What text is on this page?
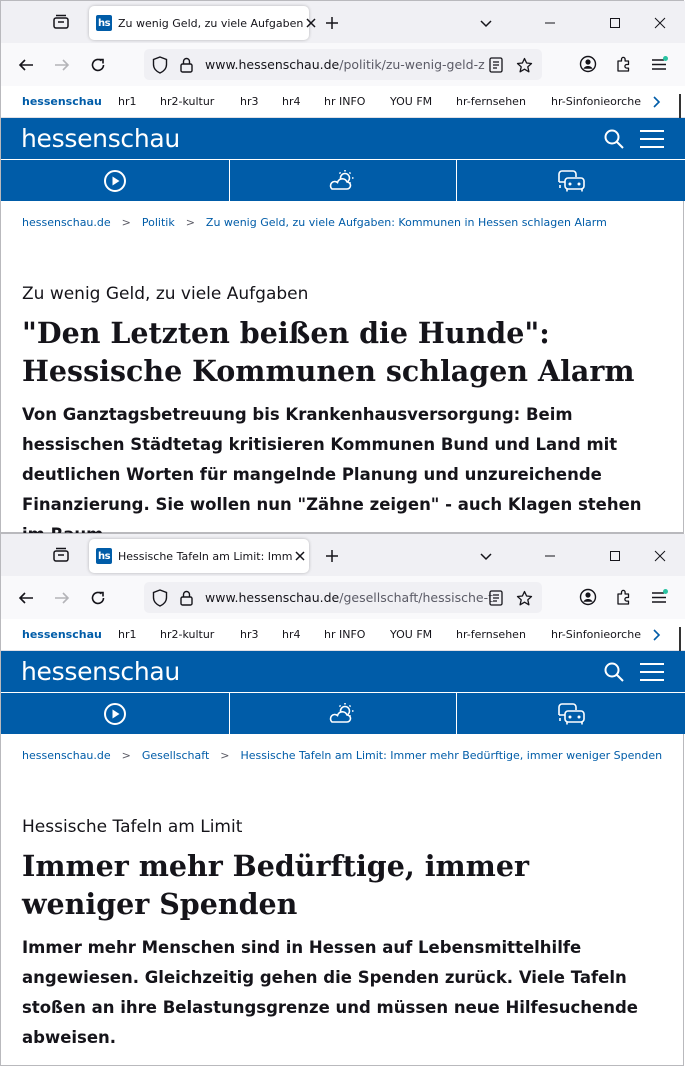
hs Zu wenig Geld, zu viele Aufgaben
www.hessenschau.de/politik/zu-wenig-geld-z
hessenschau hr1 hr2-kultur hr3 hr4 hr INFO YOU FM hr-fernsehen hr-Sinfonieorche
hessenschau
hessenschau.de > Politik > Zu wenig Geld, zu viele Aufgaben: Kommunen in Hessen schlagen Alarm
Zu wenig Geld, zu viele Aufgaben
"Den Letzten beißen die Hunde": Hessische Kommunen schlagen Alarm

Von Ganztagsbetreuung bis Krankenhausversorgung: Beim hessischen Städtetag kritisieren Kommunen Bund und Land mit deutlichen Worten für mangelnde Planung und unzureichende Finanzierung. Sie wollen nun "Zähne zeigen" - auch Klagen stehen

hs Hessische Tafeln am Limit: Imm
www.hessenschau.de/gesellschaft/hessische-t
hessenschau hr1 hr2-kultur hr3 hr4 hr INFO YOU FM hr-fernsehen hr-Sinfonieorche
hessenschau
hessenschau.de > Gesellschaft > Hessische Tafeln am Limit: Immer mehr Bedürftige, immer weniger Spenden
Hessische Tafeln am Limit
Immer mehr Bedürftige, immer weniger Spenden

Immer mehr Menschen sind in Hessen auf Lebensmittelhilfe angewiesen. Gleichzeitig gehen die Spenden zurück. Viele Tafeln stoßen an ihre Belastungsgrenze und müssen neue Hilfesuchende abweisen.
